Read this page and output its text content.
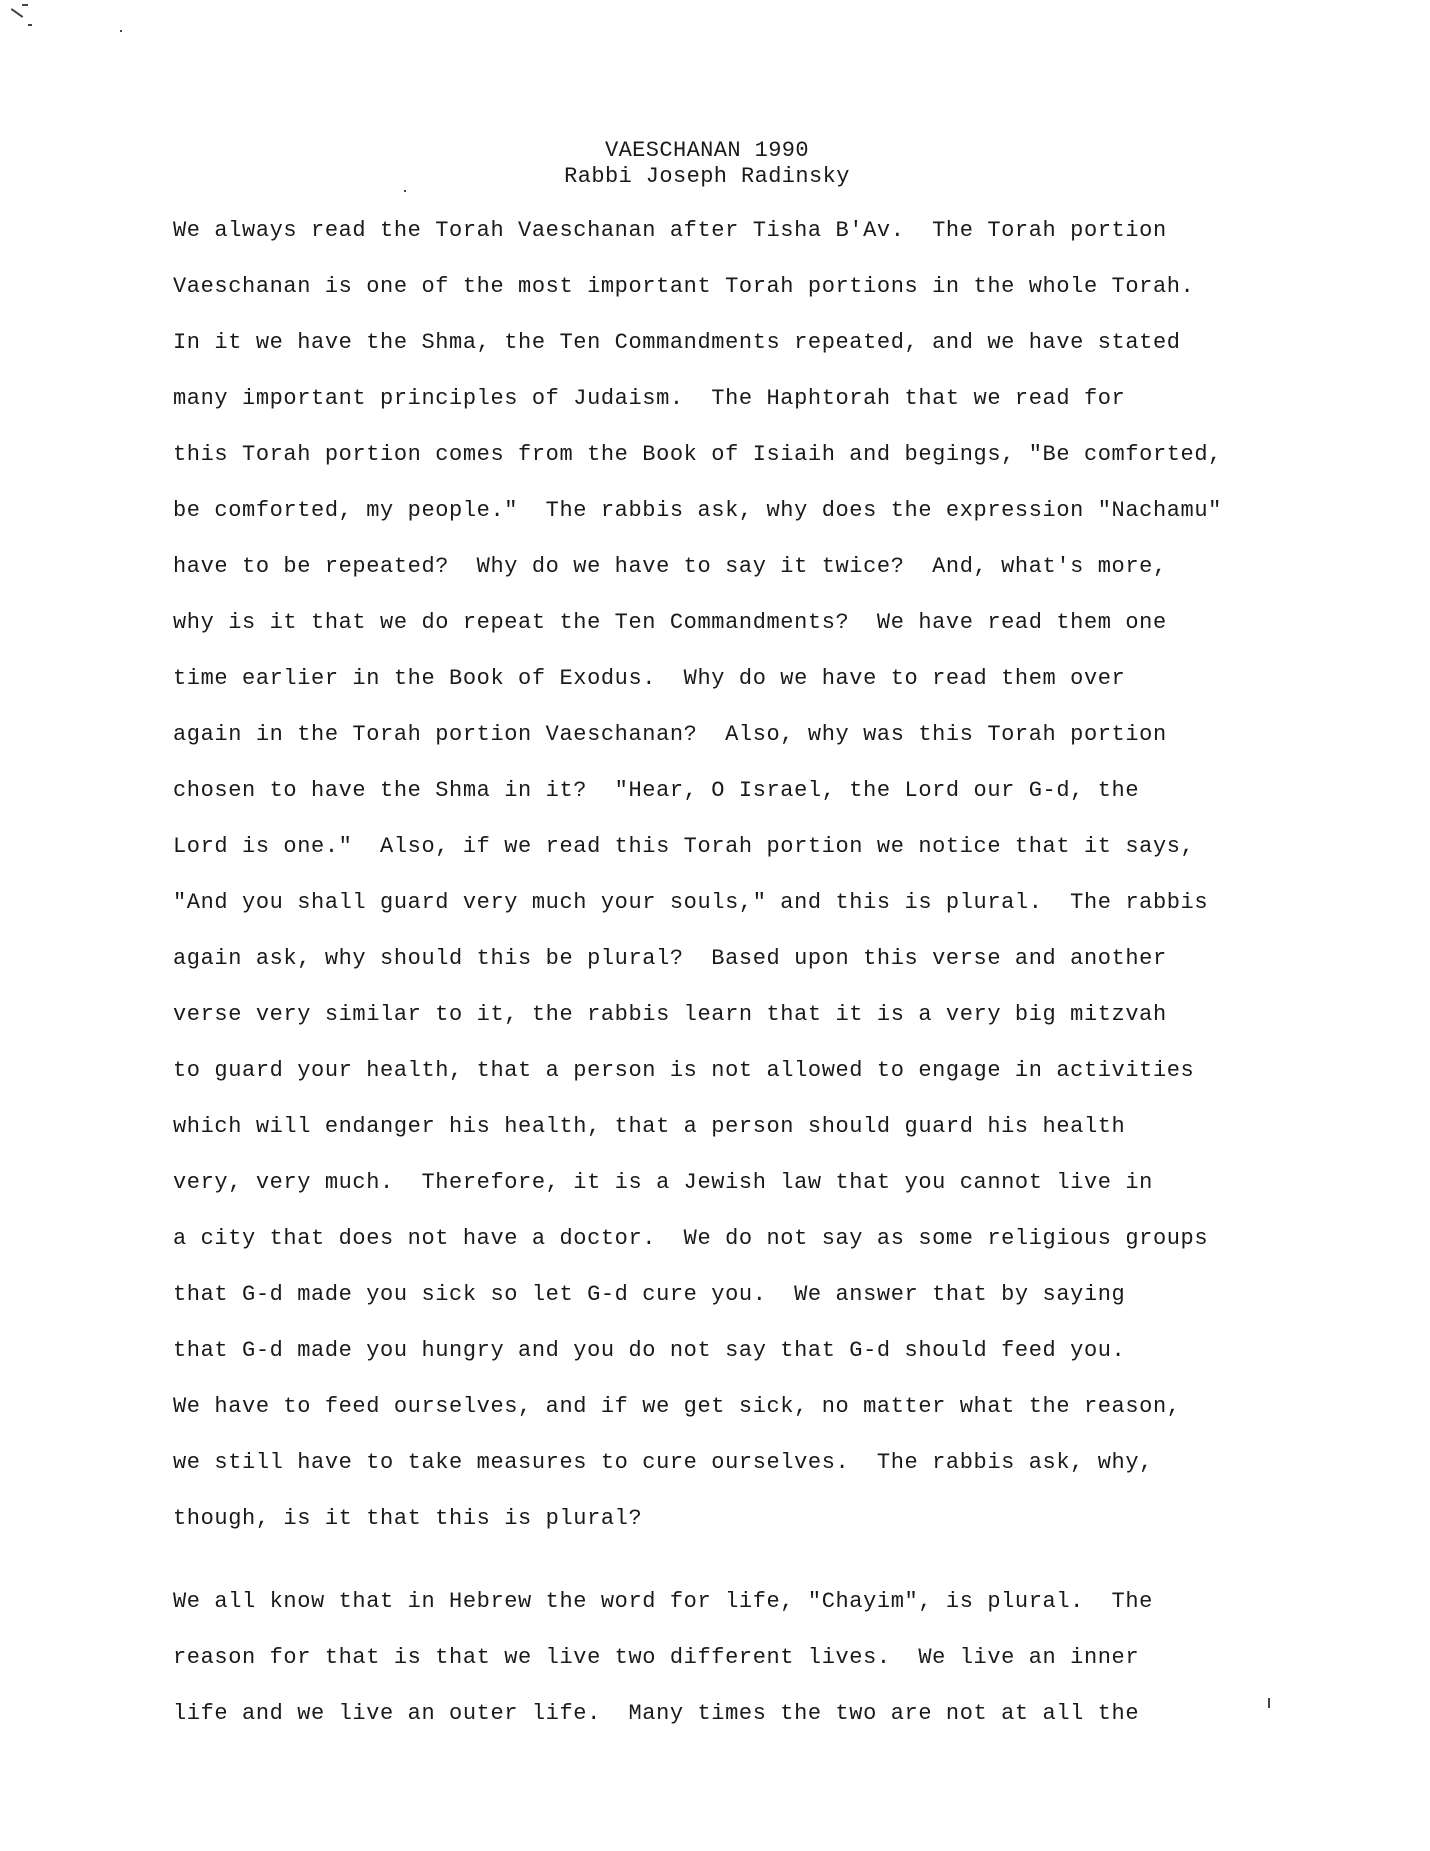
VAESCHANAN 1990
Rabbi Joseph Radinsky
We always read the Torah Vaeschanan after Tisha B'Av.  The Torah portion
Vaeschanan is one of the most important Torah portions in the whole Torah.
In it we have the Shma, the Ten Commandments repeated, and we have stated
many important principles of Judaism.  The Haphtorah that we read for
this Torah portion comes from the Book of Isiaih and begings, "Be comforted,
be comforted, my people."  The rabbis ask, why does the expression "Nachamu"
have to be repeated?  Why do we have to say it twice?  And, what's more,
why is it that we do repeat the Ten Commandments?  We have read them one
time earlier in the Book of Exodus.  Why do we have to read them over
again in the Torah portion Vaeschanan?  Also, why was this Torah portion
chosen to have the Shma in it?  "Hear, O Israel, the Lord our G-d, the
Lord is one."  Also, if we read this Torah portion we notice that it says,
"And you shall guard very much your souls," and this is plural.  The rabbis
again ask, why should this be plural?  Based upon this verse and another
verse very similar to it, the rabbis learn that it is a very big mitzvah
to guard your health, that a person is not allowed to engage in activities
which will endanger his health, that a person should guard his health
very, very much.  Therefore, it is a Jewish law that you cannot live in
a city that does not have a doctor.  We do not say as some religious groups
that G-d made you sick so let G-d cure you.  We answer that by saying
that G-d made you hungry and you do not say that G-d should feed you.
We have to feed ourselves, and if we get sick, no matter what the reason,
we still have to take measures to cure ourselves.  The rabbis ask, why,
though, is it that this is plural?
We all know that in Hebrew the word for life, "Chayim", is plural.  The
reason for that is that we live two different lives.  We live an inner
life and we live an outer life.  Many times the two are not at all the
